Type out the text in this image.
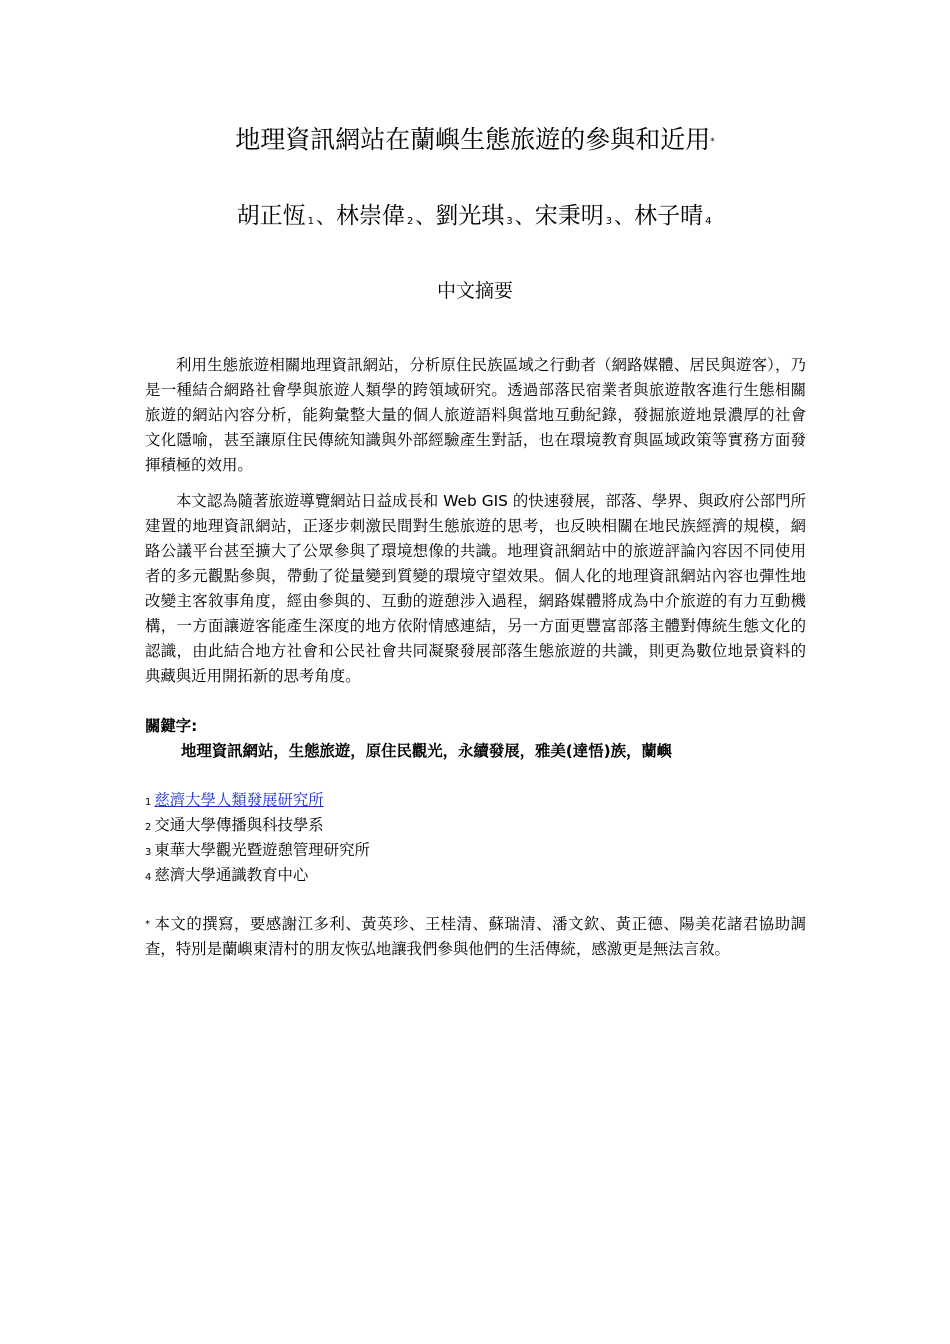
地理資訊網站在蘭嶼生態旅遊的參與和近用*
胡正恆 $^1$ 、林崇偉 $^2$ 、劉光琪 $^3$ 、宋秉明 $^3$ 、林子晴 $^4$
中文摘要

利用生態旅遊相關地理資訊網站，分析原住民族區域之行動者（網路媒體、居民與遊客），乃是一種結合網路社會學與旅遊人類學的跨領域研究。透過部落民宿業者與旅遊散客進行生態相關旅遊的網站內容分析，能夠彙整大量的個人旅遊語料與當地互動紀錄，發掘旅遊地景濃厚的社會文化隱喻，甚至讓原住民傳統知識與外部經驗產生對話，也在環境教育與區域政策等實務方面發揮積極的效用。

本文認為隨著旅遊導覽網站日益成長和 Web GIS 的快速發展，部落、學界、與政府公部門所建置的地理資訊網站，正逐步刺激民間對生態旅遊的思考，也反映相關在地民族經濟的規模，網路公議平台甚至擴大了公眾參與了環境想像的共識。地理資訊網站中的旅遊評論內容因不同使用者的多元觀點參與，帶動了從量變到質變的環境守望效果。個人化的地理資訊網站內容也彈性地改變主客敘事角度，經由參與的、互動的遊憩涉入過程，網路媒體將成為中介旅遊的有力互動機構，一方面讓遊客能產生深度的地方依附情感連結，另一方面更豐富部落主體對傳統生態文化的認識，由此結合地方社會和公民社會共同凝聚發展部落生態旅遊的共識，則更為數位地景資料的典藏與近用開拓新的思考角度。

關鍵字:
地理資訊網站，生態旅遊，原住民觀光，永續發展，雅美(達悟)族，蘭嶼
$^1$ 慈濟大學人類發展研究所
$^2$ 交通大學傳播與科技學系
$^3$ 東華大學觀光暨遊憩管理研究所
$^4$ 慈濟大學通識教育中心
* 本文的撰寫，要感謝江多利、黃英珍、王桂清、蘇瑞清、潘文欽、黃正德、陽美花諸君協助調查，特別是蘭嶼東清村的朋友恢弘地讓我們參與他們的生活傳統，感激更是無法言敘。
